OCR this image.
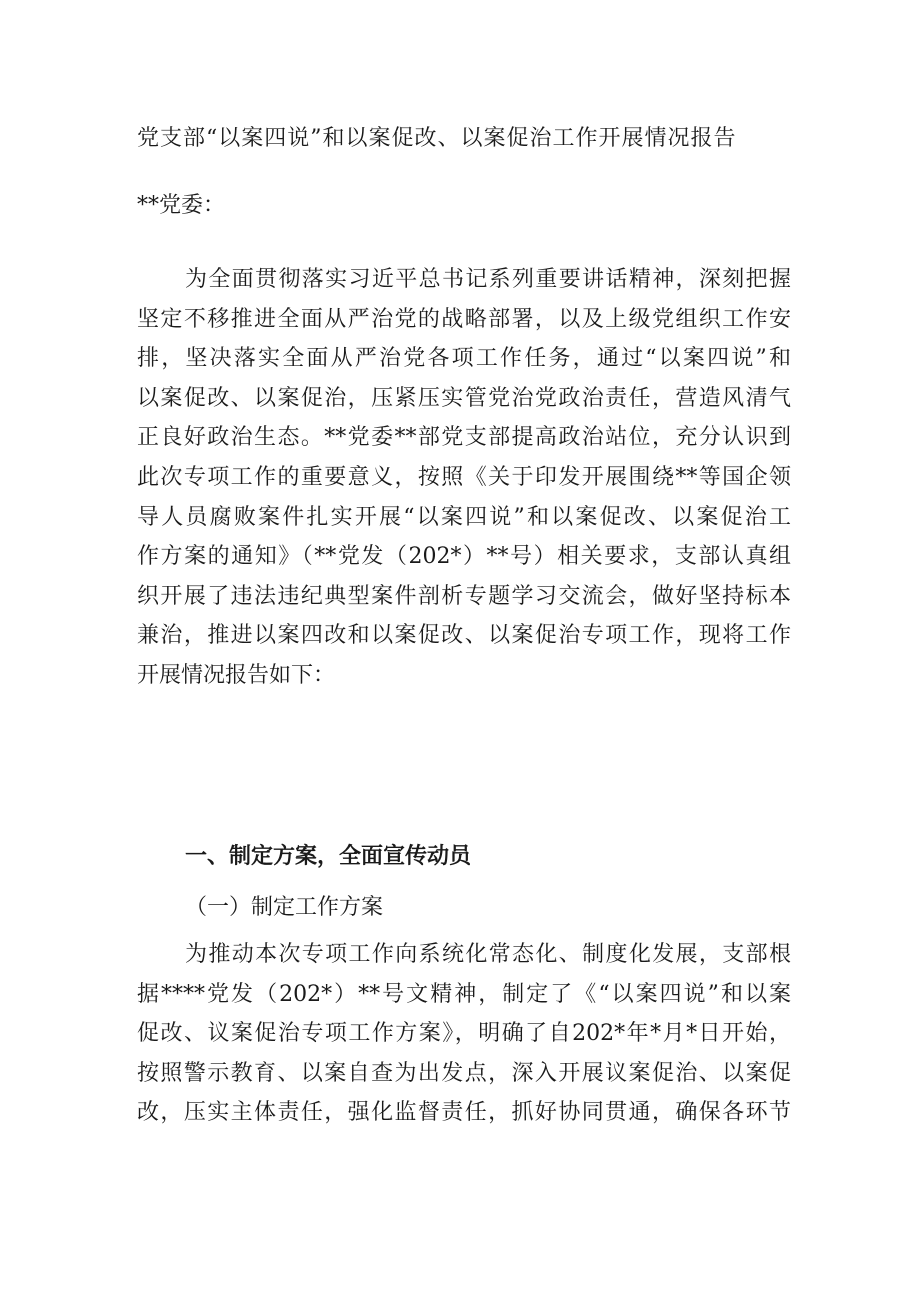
党支部“以案四说”和以案促改、以案促治工作开展情况报告
**党委：
为全面贯彻落实习近平总书记系列重要讲话精神，深刻把握
坚定不移推进全面从严治党的战略部署，以及上级党组织工作安
排，坚决落实全面从严治党各项工作任务，通过“以案四说”和
以案促改、以案促治，压紧压实管党治党政治责任，营造风清气
正良好政治生态。**党委**部党支部提高政治站位，充分认识到
此次专项工作的重要意义，按照《关于印发开展围绕**等国企领
导人员腐败案件扎实开展“以案四说”和以案促改、以案促治工
作方案的通知》（**党发（202*）**号）相关要求，支部认真组
织开展了违法违纪典型案件剖析专题学习交流会，做好坚持标本
兼治，推进以案四改和以案促改、以案促治专项工作，现将工作
开展情况报告如下：
一、制定方案，全面宣传动员
（一）制定工作方案
为推动本次专项工作向系统化常态化、制度化发展，支部根
据****党发（202*）**号文精神，制定了《“以案四说”和以案
促改、议案促治专项工作方案》，明确了自202*年*月*日开始，
按照警示教育、以案自查为出发点，深入开展议案促治、以案促
改，压实主体责任，强化监督责任，抓好协同贯通，确保各环节
